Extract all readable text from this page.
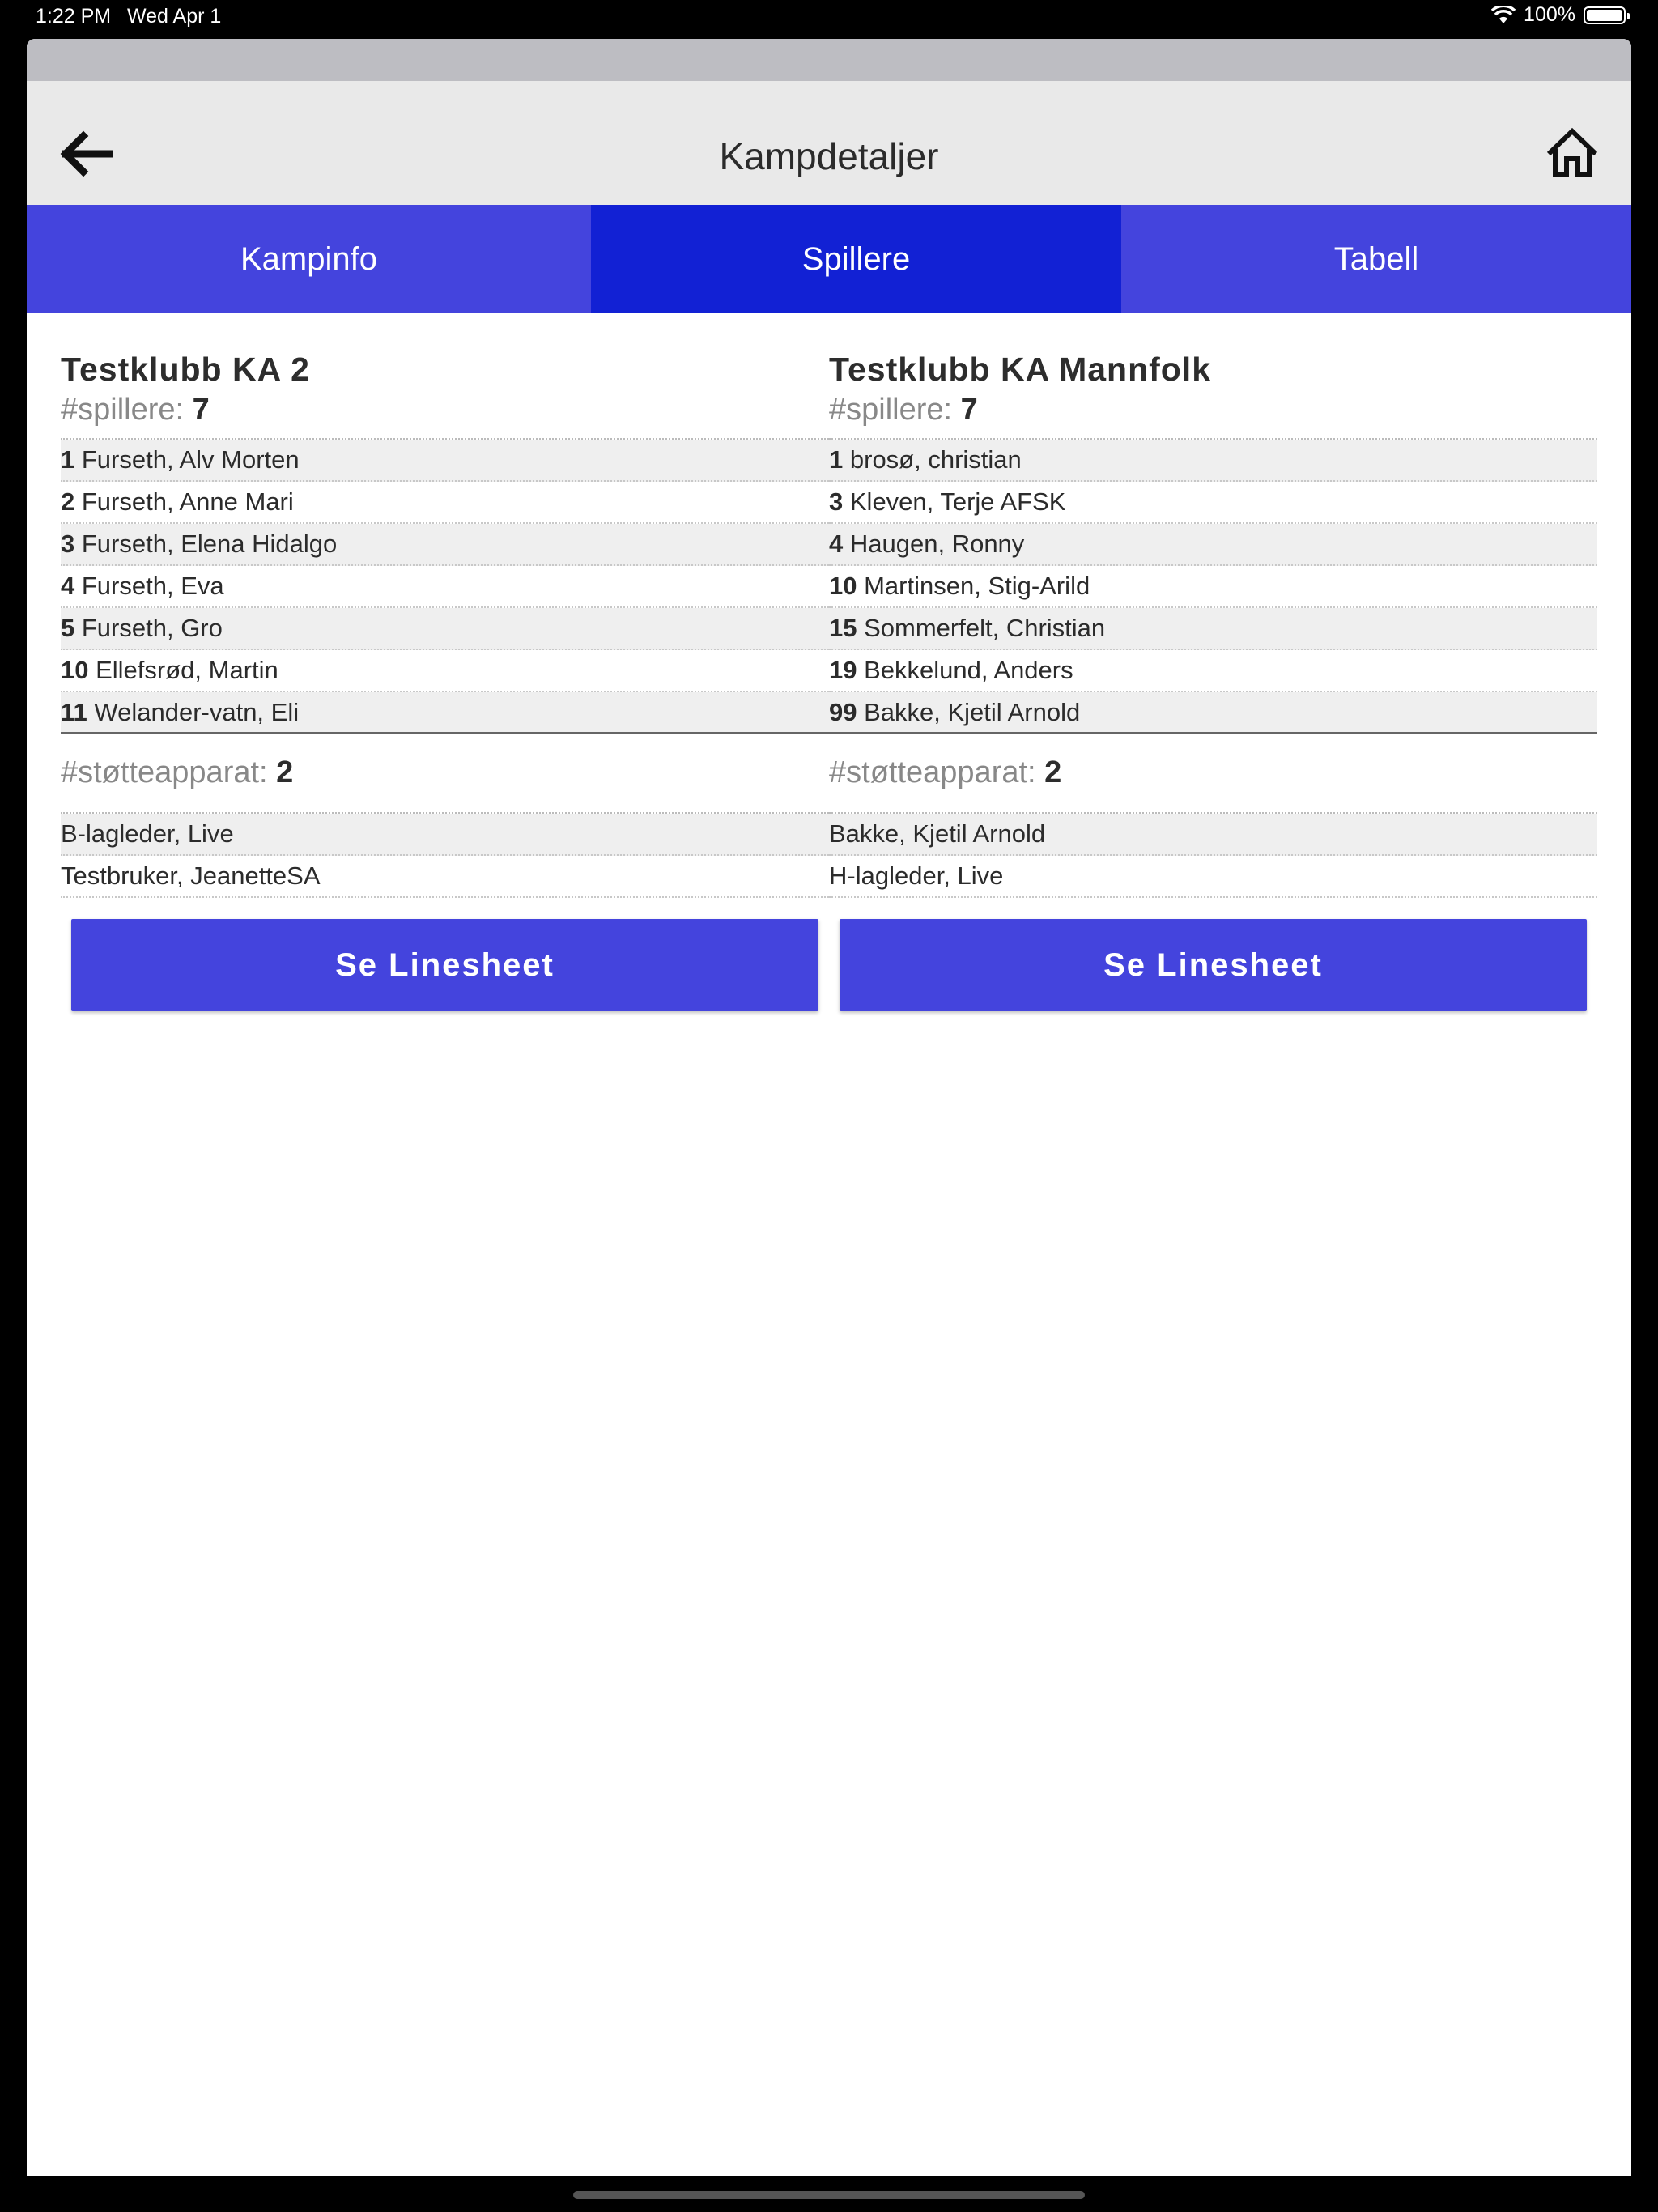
1:22 PM Wed Apr 1	100%
Kampdetaljer
Kampinfo	Spillere	Tabell
Testklubb KA 2
#spillere: 7
1 Furseth, Alv Morten
2 Furseth, Anne Mari
3 Furseth, Elena Hidalgo
4 Furseth, Eva
5 Furseth, Gro
10 Ellefsrød, Martin
11 Welander-vatn, Eli
#støtteapparat: 2
B-lagleder, Live
Testbruker, JeanetteSA
Testklubb KA Mannfolk
#spillere: 7
1 brosø, christian
3 Kleven, Terje AFSK
4 Haugen, Ronny
10 Martinsen, Stig-Arild
15 Sommerfelt, Christian
19 Bekkelund, Anders
99 Bakke, Kjetil Arnold
#støtteapparat: 2
Bakke, Kjetil Arnold
H-lagleder, Live
Se Linesheet	Se Linesheet
